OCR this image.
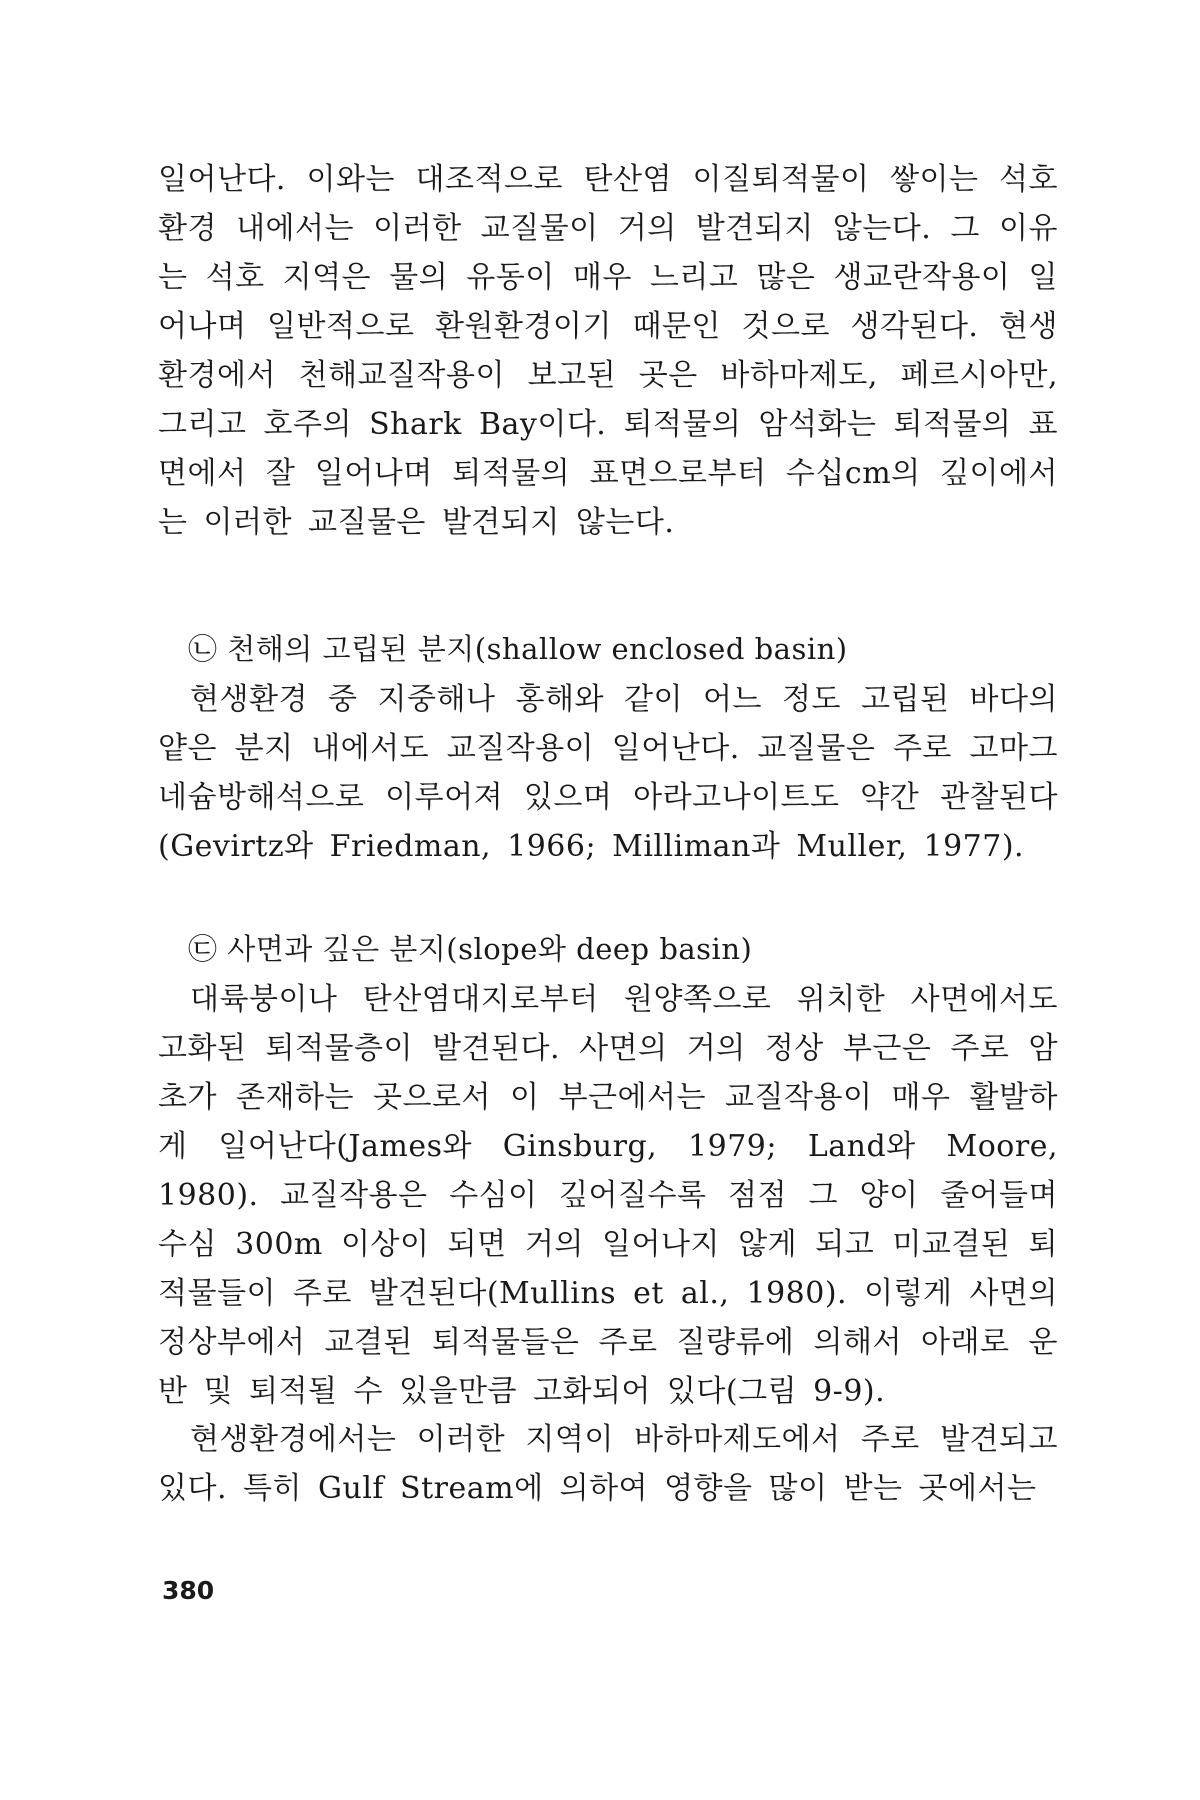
일어난다. 이와는 대조적으로 탄산염 이질퇴적물이 쌓이는 석호환경 내에서는 이러한 교질물이 거의 발견되지 않는다. 그 이유는 석호 지역은 물의 유동이 매우 느리고 많은 생교란작용이 일어나며 일반적으로 환원환경이기 때문인 것으로 생각된다. 현생환경에서 천해교질작용이 보고된 곳은 바하마제도, 페르시아만, 그리고 호주의 Shark Bay이다. 퇴적물의 암석화는 퇴적물의 표면에서 잘 일어나며 퇴적물의 표면으로부터 수십cm의 깊이에서는 이러한 교질물은 발견되지 않는다.

㉡ 천해의 고립된 분지(shallow enclosed basin)

현생환경 중 지중해나 홍해와 같이 어느 정도 고립된 바다의 얕은 분지 내에서도 교질작용이 일어난다. 교질물은 주로 고마그네슘방해석으로 이루어져 있으며 아라고나이트도 약간 관찰된다(Gevirtz와 Friedman, 1966; Milliman과 Muller, 1977).

㉢ 사면과 깊은 분지(slope와 deep basin)

대륙붕이나 탄산염대지로부터 원양쪽으로 위치한 사면에서도 고화된 퇴적물층이 발견된다. 사면의 거의 정상 부근은 주로 암초가 존재하는 곳으로서 이 부근에서는 교질작용이 매우 활발하게 일어난다(James와 Ginsburg, 1979; Land와 Moore, 1980). 교질작용은 수심이 깊어질수록 점점 그 양이 줄어들며 수심 300m 이상이 되면 거의 일어나지 않게 되고 미교결된 퇴적물들이 주로 발견된다(Mullins et al., 1980). 이렇게 사면의 정상부에서 교결된 퇴적물들은 주로 질량류에 의해서 아래로 운반 및 퇴적될 수 있을만큼 고화되어 있다(그림 9-9).

현생환경에서는 이러한 지역이 바하마제도에서 주로 발견되고 있다. 특히 Gulf Stream에 의하여 영향을 많이 받는 곳에서는

380
